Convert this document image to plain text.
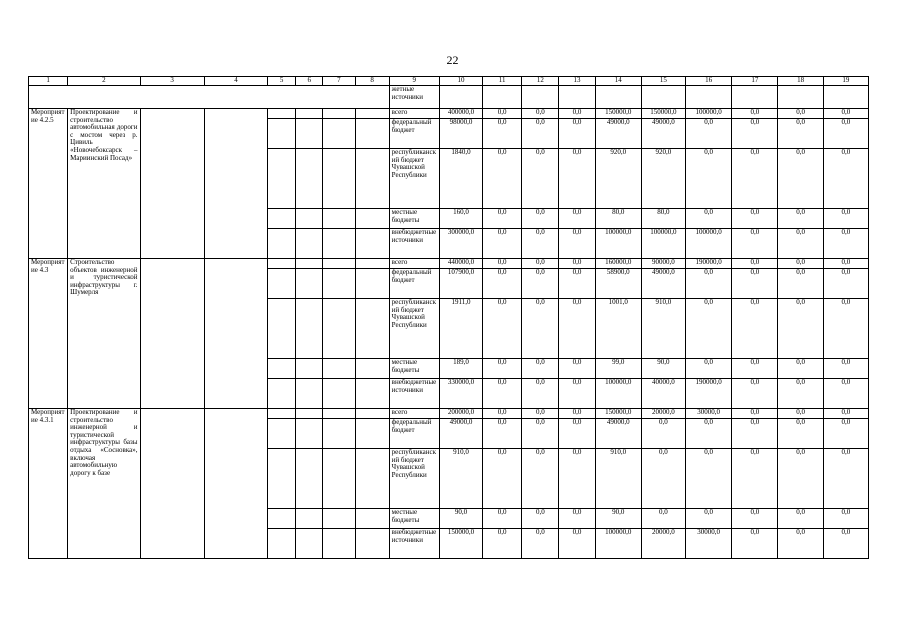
22
1	2	3	4	5	6	7	8	9	10	11	12	13	14	15	16	17	18	19
								жетные источники										
Мероприятие 4.2.5	Проектирование и строительство автомобильная дороги с мостом через р. Цивиль «Новочебоксарск – Мариинский Посад»							всего	400000,0	0,0	0,0	0,0	150000,0	150000,0	100000,0	0,0	0,0	0,0
								федеральный бюджет	98000,0	0,0	0,0	0,0	49000,0	49000,0	0,0	0,0	0,0	0,0
								республиканский бюджет Чувашской Республики	1840,0	0,0	0,0	0,0	920,0	920,0	0,0	0,0	0,0	0,0
								местные бюджеты	160,0	0,0	0,0	0,0	80,0	80,0	0,0	0,0	0,0	0,0
								внебюджетные источники	300000,0	0,0	0,0	0,0	100000,0	100000,0	100000,0	0,0	0,0	0,0
Мероприятие 4.3	Строительство объектов инженерной и туристической инфраструктуры г. Шумерля							всего	440000,0	0,0	0,0	0,0	160000,0	90000,0	190000,0	0,0	0,0	0,0
								федеральный бюджет	107900,0	0,0	0,0	0,0	58900,0	49000,0	0,0	0,0	0,0	0,0
								республиканский бюджет Чувашской Республики	1911,0	0,0	0,0	0,0	1001,0	910,0	0,0	0,0	0,0	0,0
								местные бюджеты	189,0	0,0	0,0	0,0	99,0	90,0	0,0	0,0	0,0	0,0
								внебюджетные источники	330000,0	0,0	0,0	0,0	100000,0	40000,0	190000,0	0,0	0,0	0,0
Мероприятие 4.3.1	Проектирование и строительство инженерной и туристической инфраструктуры базы отдыха «Сосновка», включая автомобильную дорогу к базе							всего	200000,0	0,0	0,0	0,0	150000,0	20000,0	30000,0	0,0	0,0	0,0
								федеральный бюджет	49000,0	0,0	0,0	0,0	49000,0	0,0	0,0	0,0	0,0	0,0
								республиканский бюджет Чувашской Республики	910,0	0,0	0,0	0,0	910,0	0,0	0,0	0,0	0,0	0,0
								местные бюджеты	90,0	0,0	0,0	0,0	90,0	0,0	0,0	0,0	0,0	0,0
								внебюджетные источники	150000,0	0,0	0,0	0,0	100000,0	20000,0	30000,0	0,0	0,0	0,0
